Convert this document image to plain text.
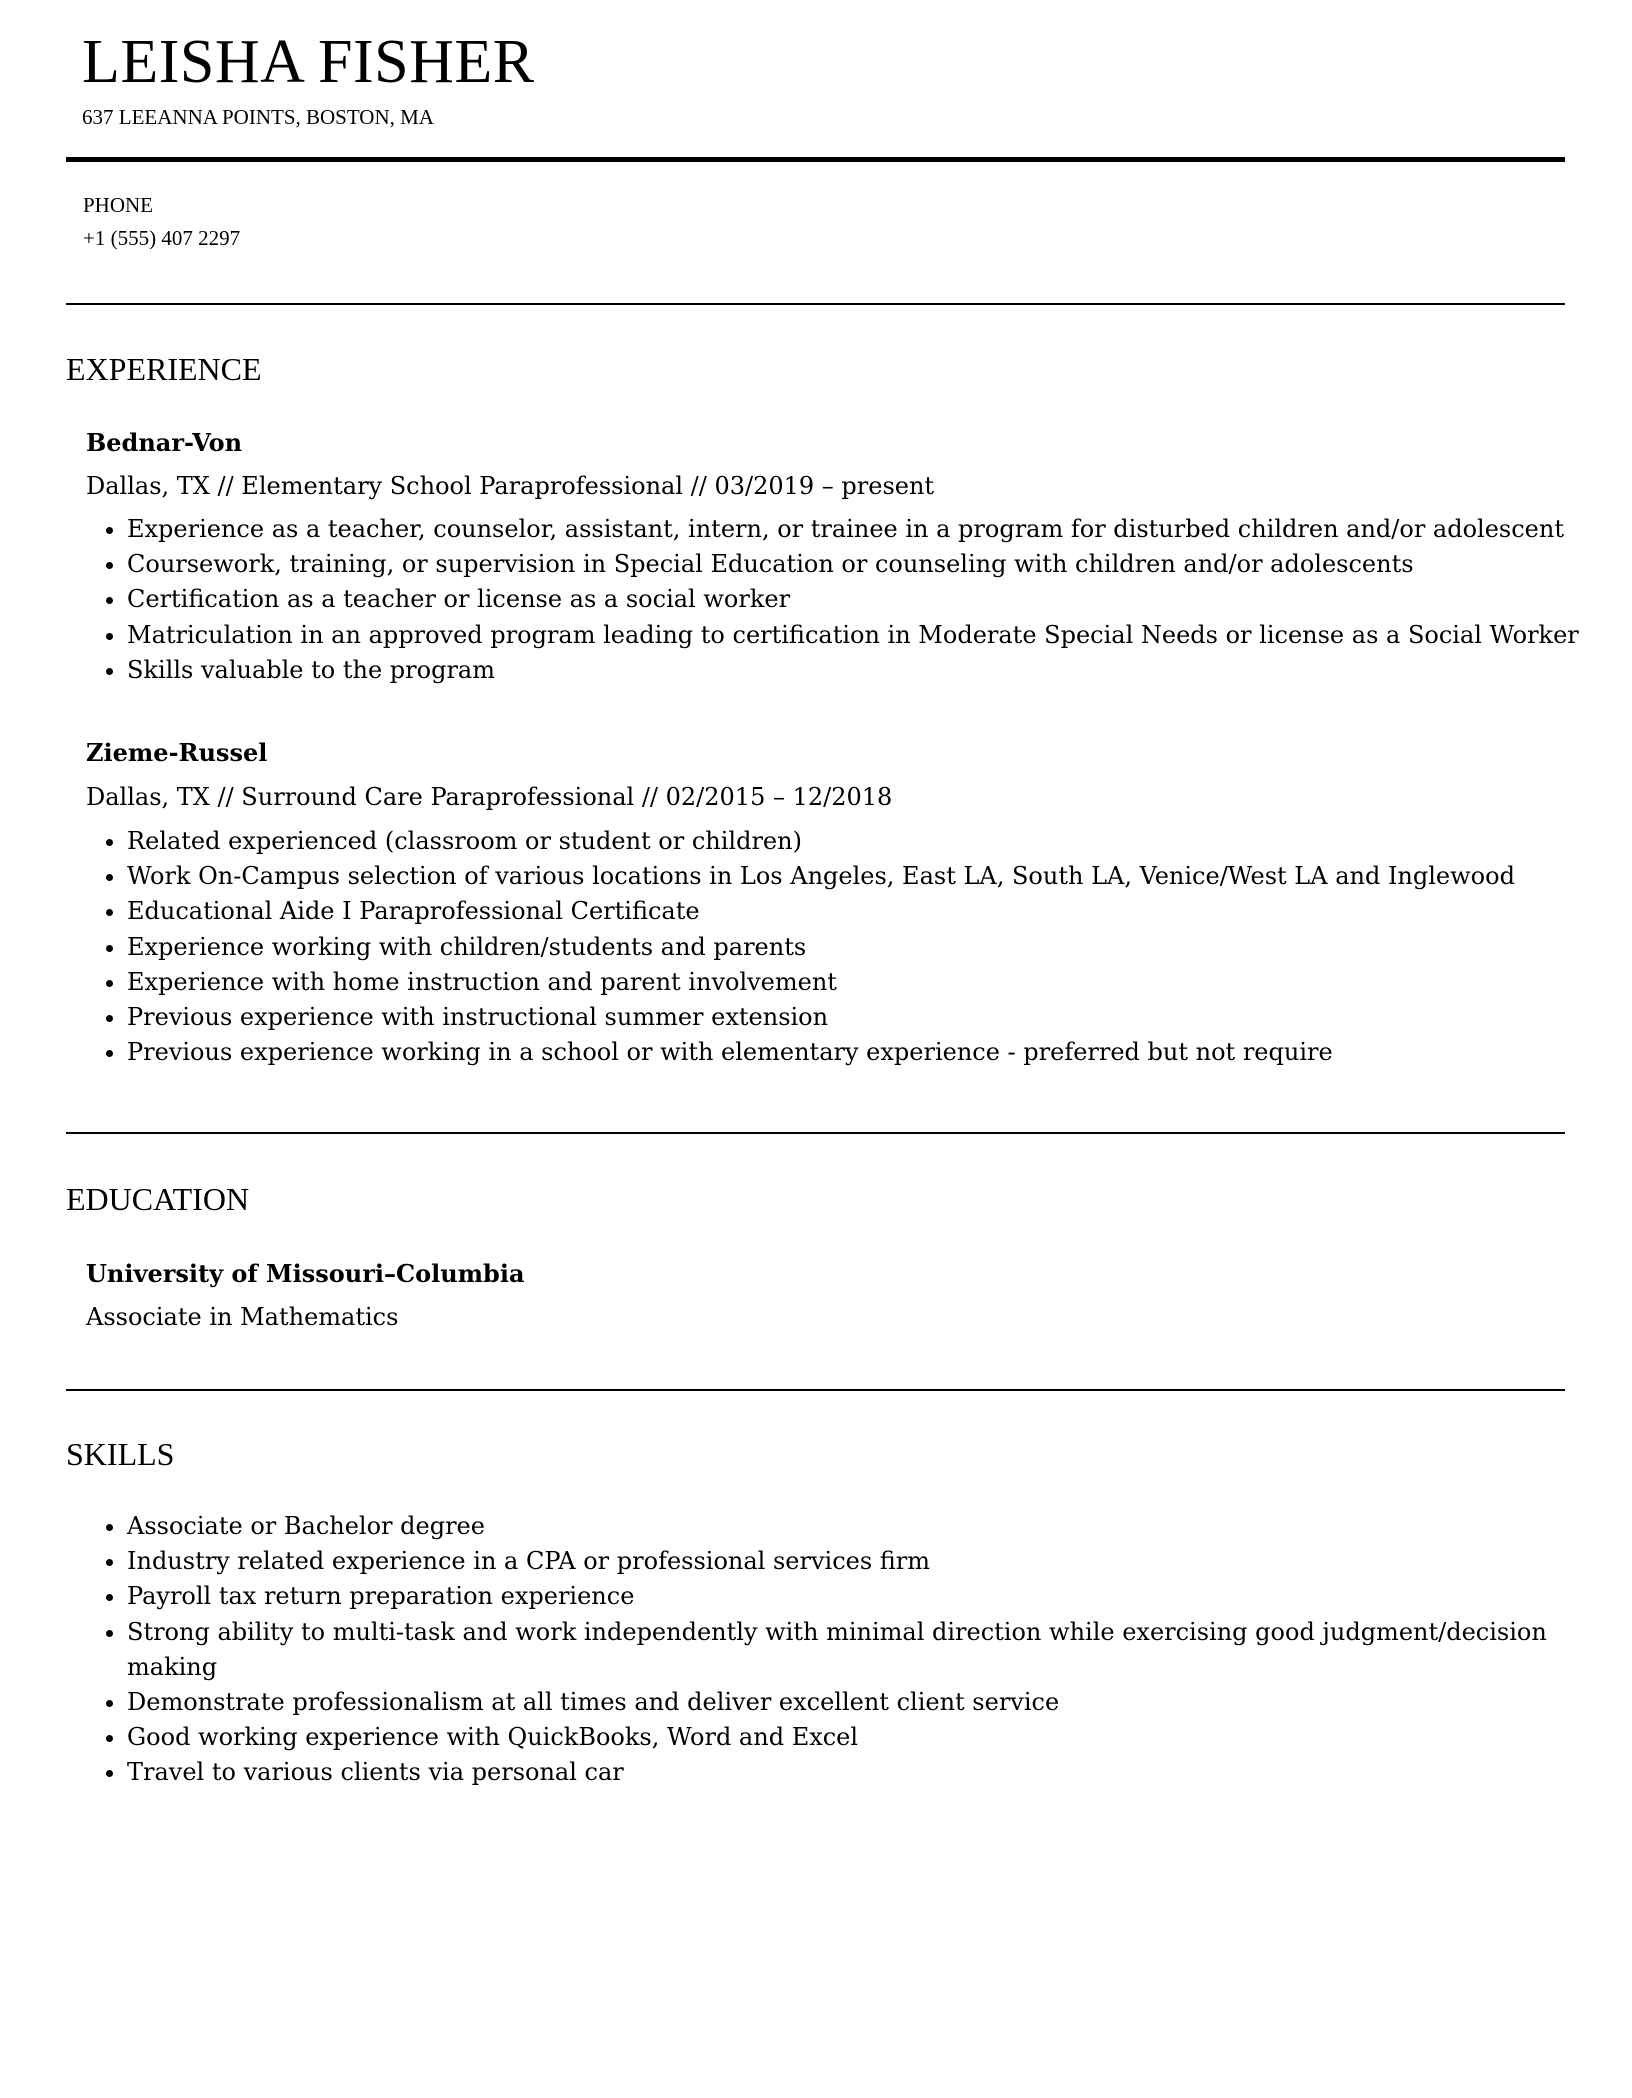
LEISHA FISHER
637 LEEANNA POINTS, BOSTON, MA
PHONE
+1 (555) 407 2297
EXPERIENCE
Bednar-Von
Dallas, TX // Elementary School Paraprofessional // 03/2019 – present
• Experience as a teacher, counselor, assistant, intern, or trainee in a program for disturbed children and/or adolescent
• Coursework, training, or supervision in Special Education or counseling with children and/or adolescents
• Certification as a teacher or license as a social worker
• Matriculation in an approved program leading to certification in Moderate Special Needs or license as a Social Worker
• Skills valuable to the program
Zieme-Russel
Dallas, TX // Surround Care Paraprofessional // 02/2015 – 12/2018
• Related experienced (classroom or student or children)
• Work On-Campus selection of various locations in Los Angeles, East LA, South LA, Venice/West LA and Inglewood
• Educational Aide I Paraprofessional Certificate
• Experience working with children/students and parents
• Experience with home instruction and parent involvement
• Previous experience with instructional summer extension
• Previous experience working in a school or with elementary experience - preferred but not require
EDUCATION
University of Missouri–Columbia
Associate in Mathematics
SKILLS
• Associate or Bachelor degree
• Industry related experience in a CPA or professional services firm
• Payroll tax return preparation experience
• Strong ability to multi-task and work independently with minimal direction while exercising good judgment/decision making
• Demonstrate professionalism at all times and deliver excellent client service
• Good working experience with QuickBooks, Word and Excel
• Travel to various clients via personal car
